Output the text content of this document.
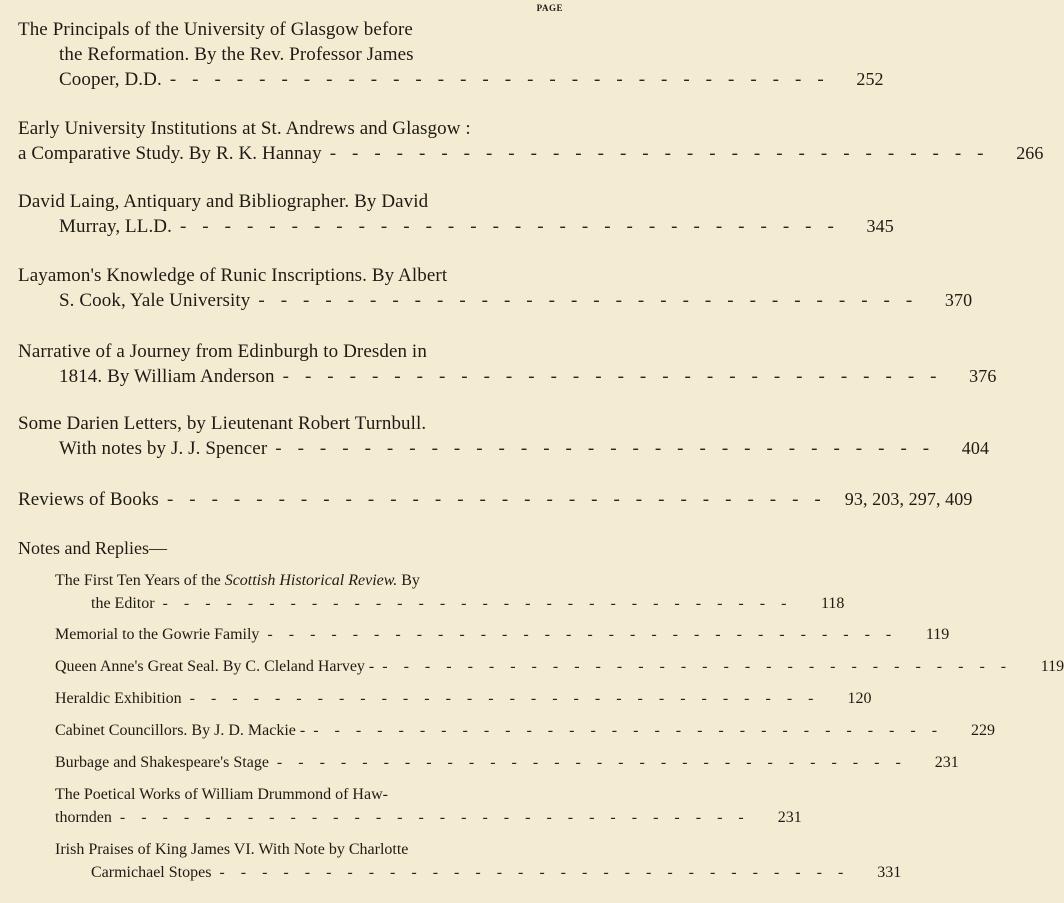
PAGE
The Principals of the University of Glasgow before
the Reformation. By the Rev. Professor James
Cooper, D.D. ------------------------------ 252
Early University Institutions at St. Andrews and Glasgow :
a Comparative Study. By R. K. Hannay ------------------------------ 266
David Laing, Antiquary and Bibliographer. By David
Murray, LL.D. ------------------------------ 345
Layamon's Knowledge of Runic Inscriptions. By Albert
S. Cook, Yale University ------------------------------ 370
Narrative of a Journey from Edinburgh to Dresden in
1814. By William Anderson ------------------------------ 376
Some Darien Letters, by Lieutenant Robert Turnbull.
With notes by J. J. Spencer ------------------------------ 404
Reviews of Books ------------------------------ 93, 203, 297, 409
Notes and Replies—
The First Ten Years of the Scottish Historical Review. By
the Editor ------------------------------	118
Memorial to the Gowrie Family ------------------------------	119
Queen Anne's Great Seal. By C. Cleland Harvey - ------------------------------	119
Heraldic Exhibition ------------------------------	120
Cabinet Councillors. By J. D. Mackie - ------------------------------	229
Burbage and Shakespeare's Stage ------------------------------	231
The Poetical Works of William Drummond of Haw-
thornden ------------------------------	231
Irish Praises of King James VI. With Note by Charlotte
Carmichael Stopes ------------------------------	331
